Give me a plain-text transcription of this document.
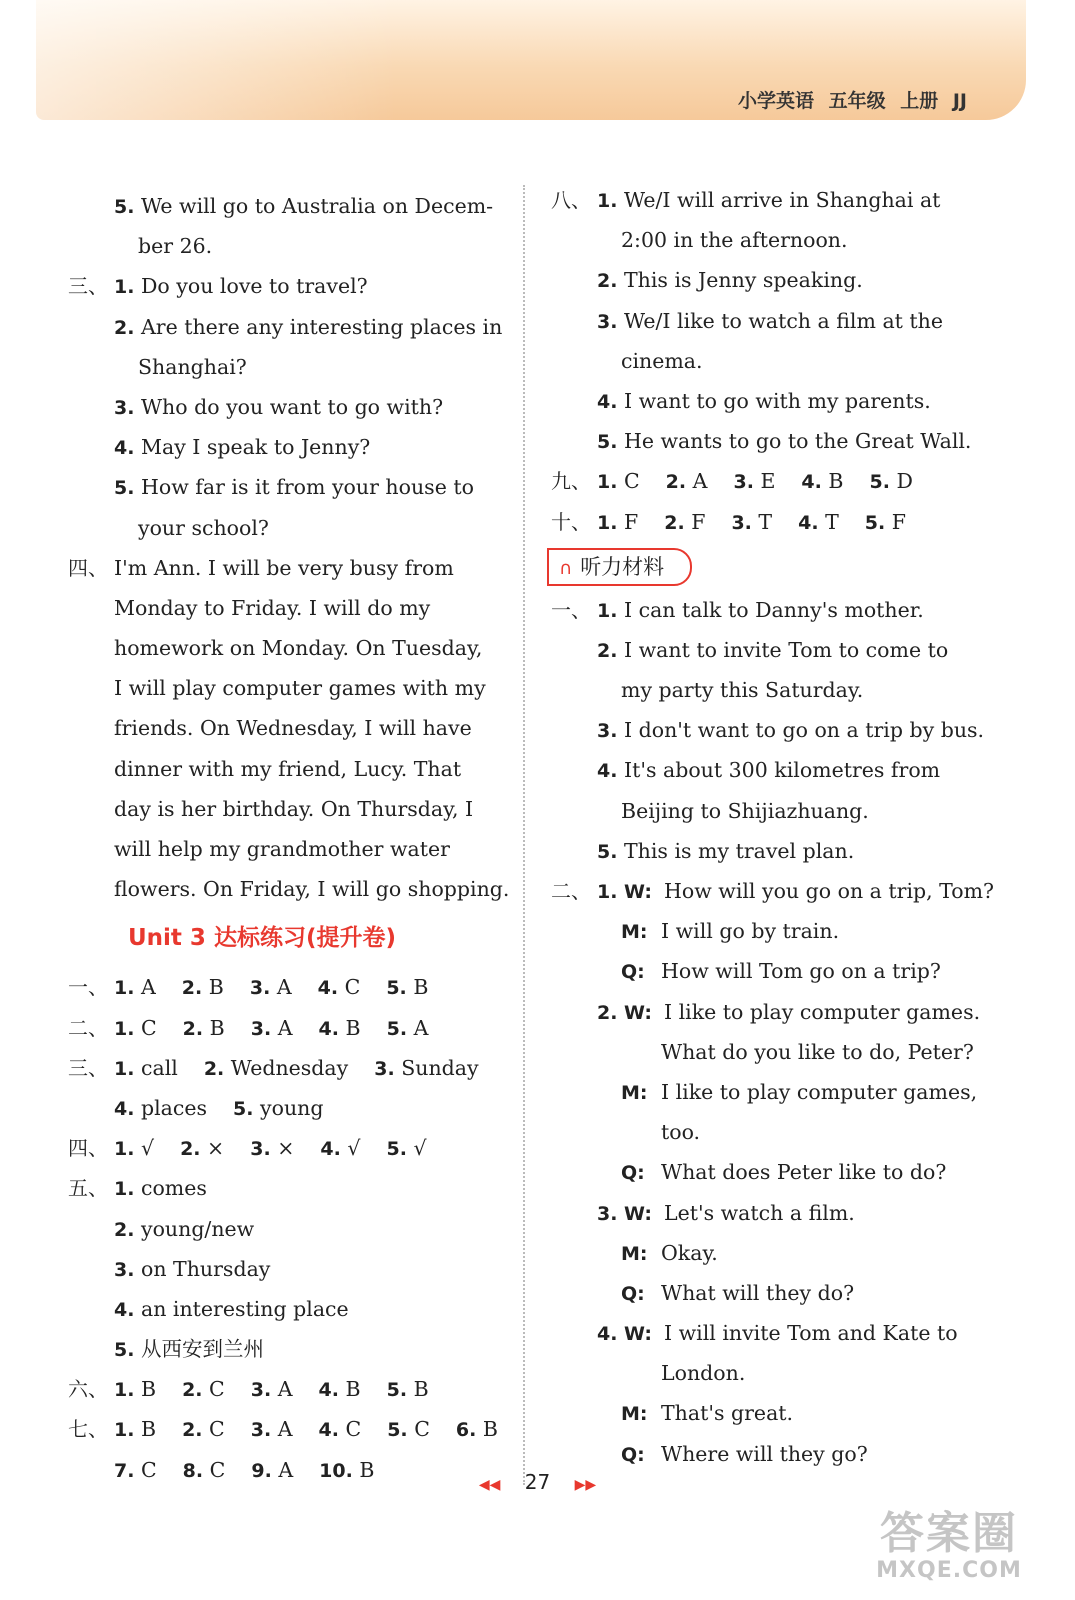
小学英语 五年级 上册 JJ
5. We will go to Australia on Decem-
ber 26.
三、 1. Do you love to travel?
2. Are there any interesting places in
Shanghai?
3. Who do you want to go with?
4. May I speak to Jenny?
5. How far is it from your house to
your school?
四、 I'm Ann. I will be very busy from
Monday to Friday. I will do my
homework on Monday. On Tuesday,
I will play computer games with my
friends. On Wednesday, I will have
dinner with my friend, Lucy. That
day is her birthday. On Thursday, I
will help my grandmother water
flowers. On Friday, I will go shopping.
Unit 3 达标练习(提升卷)
一、 1. A 2. B 3. A 4. C 5. B
二、 1. C 2. B 3. A 4. B 5. A
三、 1. call 2. Wednesday 3. Sunday
4. places 5. young
四、 1. √ 2. × 3. × 4. √ 5. √
五、 1. comes
2. young/new
3. on Thursday
4. an interesting place
5. 从西安到兰州
六、 1. B 2. C 3. A 4. B 5. B
七、 1. B 2. C 3. A 4. C 5. C 6. B
7. C 8. C 9. A 10. B
八、 1. We/I will arrive in Shanghai at
2:00 in the afternoon.
2. This is Jenny speaking.
3. We/I like to watch a film at the
cinema.
4. I want to go with my parents.
5. He wants to go to the Great Wall.
九、 1. C 2. A 3. E 4. B 5. D
十、 1. F 2. F 3. T 4. T 5. F
∩ 听力材料
一、 1. I can talk to Danny's mother.
2. I want to invite Tom to come to
my party this Saturday.
3. I don't want to go on a trip by bus.
4. It's about 300 kilometres from
Beijing to Shijiazhuang.
5. This is my travel plan.
二、 1. W: How will you go on a trip, Tom?
M: I will go by train.
Q: How will Tom go on a trip?
2. W: I like to play computer games.
What do you like to do, Peter?
M: I like to play computer games,
too.
Q: What does Peter like to do?
3. W: Let's watch a film.
M: Okay.
Q: What will they do?
4. W: I will invite Tom and Kate to
London.
M: That's great.
Q: Where will they go?
◀◀ 27 ▶▶
答案圈
MXQE.COM
